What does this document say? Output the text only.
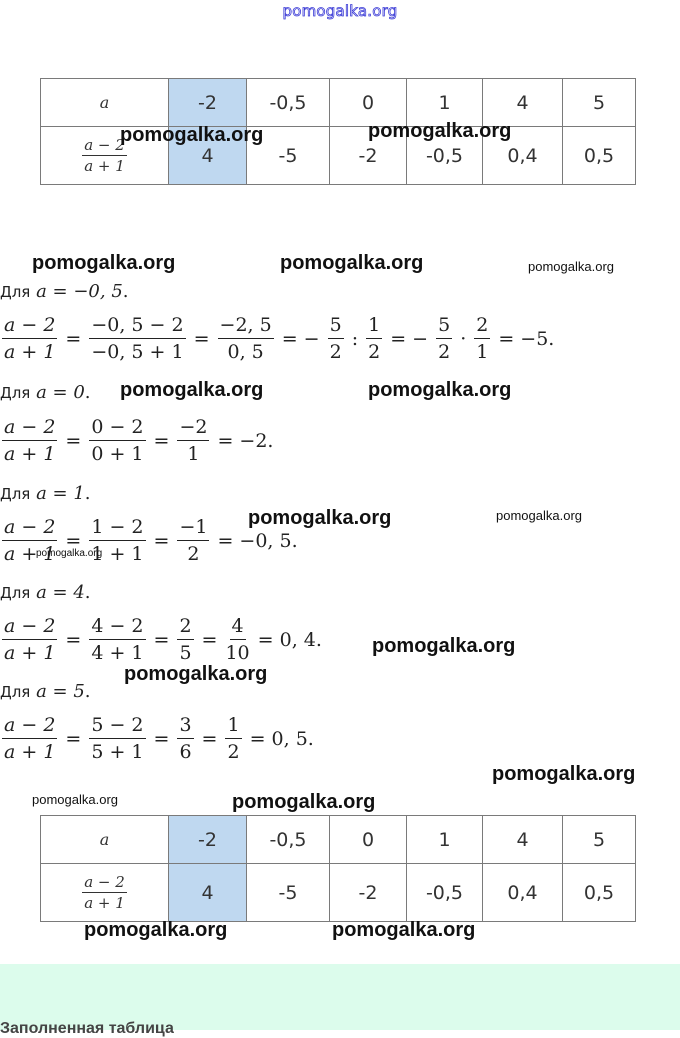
pomogalka.org
a	-2	-0,5	0	1	4	5

$\frac{a - 2}{a + 1}$	4	-5	-2	-0,5	0,4	0,5
Для a = −0, 5.
$\frac{a - 2}{a + 1} = \frac{-0, 5 - 2}{-0, 5 + 1} = \frac{-2, 5}{0, 5}$ = − $\frac{5}{2}$ : $\frac{1}{2}$ = − $\frac{5}{2} \cdot \frac{2}{1} = -5$.
Для a = 0.
$\frac{a - 2}{a + 1} = \frac{0 - 2}{0 + 1} = \frac{-2}{1} = -2$.
Для a = 1.
$\frac{a - 2}{a + 1} = \frac{1 - 2}{1 + 1} = \frac{-1}{2} = -0$, 5.
Для a = 4.
$\frac{a - 2}{a + 1} = \frac{4 - 2}{4 + 1} = \frac{2}{5} = \frac{4}{10} = 0$, 4.
Для a = 5.
$\frac{a - 2}{a + 1} = \frac{5 - 2}{5 + 1} = \frac{3}{6} = \frac{1}{2} = 0$, 5.
a	-2	-0,5	0	1	4	5

$\frac{a - 2}{a + 1}$	4	-5	-2	-0,5	0,4	0,5
Заполненная таблица
pomogalka.org	pomogalka.org
pomogalka.org	pomogalka.org	pomogalka.org
pomogalka.org	pomogalka.org
pomogalka.org	pomogalka.org
pomogalka.org
pomogalka.org
pomogalka.org
pomogalka.org
pomogalka.org	pomogalka.org
pomogalka.org	pomogalka.org
